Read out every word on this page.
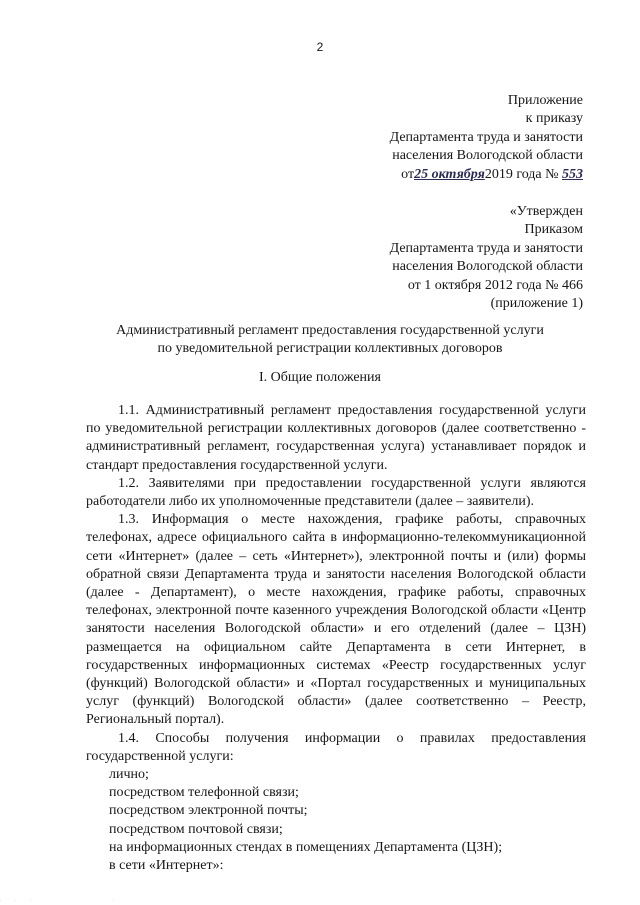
2
Приложение
к приказу
Департамента труда и занятости
населения Вологодской области
от25 октября2019 года № 553
«Утвержден
Приказом
Департамента труда и занятости
населения Вологодской области
от 1 октября 2012 года № 466
(приложение 1)
Административный регламент предоставления государственной услуги
по уведомительной регистрации коллективных договоров
I. Общие положения

1.1. Административный регламент предоставления государственной услуги по уведомительной регистрации коллективных договоров (далее соответственно - административный регламент, государственная услуга) устанавливает порядок и стандарт предоставления государственной услуги.

1.2. Заявителями при предоставлении государственной услуги являются работодатели либо их уполномоченные представители (далее – заявители).

1.3. Информация о месте нахождения, графике работы, справочных телефонах, адресе официального сайта в информационно-телекоммуникационной сети «Интернет» (далее – сеть «Интернет»), электронной почты и (или) формы обратной связи Департамента труда и занятости населения Вологодской области (далее - Департамент), о месте нахождения, графике работы, справочных телефонах, электронной почте казенного учреждения Вологодской области «Центр занятости населения Вологодской области» и его отделений (далее – ЦЗН) размещается на официальном сайте Департамента в сети Интернет, в государственных информационных системах «Реестр государственных услуг (функций) Вологодской области» и «Портал государственных и муниципальных услуг (функций) Вологодской области» (далее соответственно – Реестр, Региональный портал).

1.4. Способы получения информации о правилах предоставления государственной услуги:

лично;

посредством телефонной связи;

посредством электронной почты;

посредством почтовой связи;

на информационных стендах в помещениях Департамента (ЦЗН);

в сети «Интернет»:

. . .          .
